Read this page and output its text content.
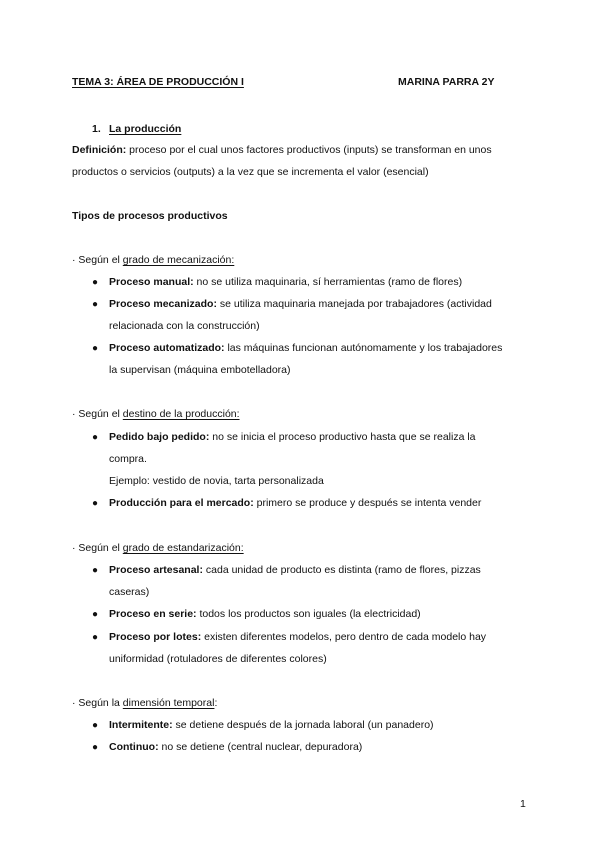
TEMA 3: ÁREA DE PRODUCCIÓN I	MARINA PARRA 2Y
1. La producción
Definición: proceso por el cual unos factores productivos (inputs) se transforman en unos
productos o servicios (outputs) a la vez que se incrementa el valor (esencial)
Tipos de procesos productivos
· Según el grado de mecanización:
● Proceso manual: no se utiliza maquinaria, sí herramientas (ramo de flores)
● Proceso mecanizado: se utiliza maquinaria manejada por trabajadores (actividad
relacionada con la construcción)
● Proceso automatizado: las máquinas funcionan autónomamente y los trabajadores
la supervisan (máquina embotelladora)
· Según el destino de la producción:
● Pedido bajo pedido: no se inicia el proceso productivo hasta que se realiza la
compra.
Ejemplo: vestido de novia, tarta personalizada
● Producción para el mercado: primero se produce y después se intenta vender
· Según el grado de estandarización:
● Proceso artesanal: cada unidad de producto es distinta (ramo de flores, pizzas
caseras)
● Proceso en serie: todos los productos son iguales (la electricidad)
● Proceso por lotes: existen diferentes modelos, pero dentro de cada modelo hay
uniformidad (rotuladores de diferentes colores)
· Según la dimensión temporal:
● Intermitente: se detiene después de la jornada laboral (un panadero)
● Continuo: no se detiene (central nuclear, depuradora)
1
